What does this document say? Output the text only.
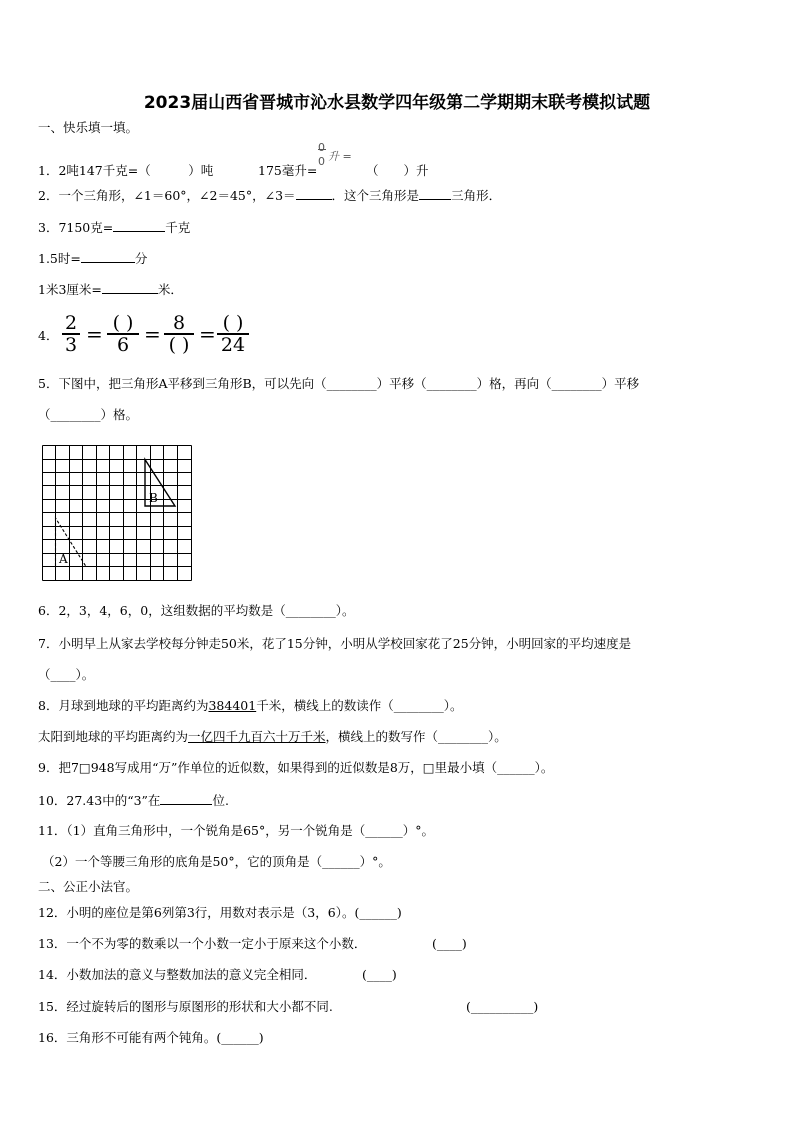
2023届山西省晋城市沁水县数学四年级第二学期期末联考模拟试题
一、快乐填一填。
1．2吨147千克=（　　　）吨	175毫升=
0
0 升 =
（　　）升
2．一个三角形，∠1＝60°，∠2＝45°，∠3＝	．这个三角形是	三角形．
3．7150克=	千克
1.5时=	分
1米3厘米=	米．
4． $\frac{2}{3}$ = ( )
6 = 8
( ) = ( )
24
5．下图中，把三角形A平移到三角形B，可以先向（________）平移（________）格，再向（________）平移
（________）格。
A
B
6．2，3，4，6，0，这组数据的平均数是（________）。
7．小明早上从家去学校每分钟走50米，花了15分钟，小明从学校回家花了25分钟，小明回家的平均速度是
（____）。
8．月球到地球的平均距离约为384401千米，横线上的数读作（________）。
太阳到地球的平均距离约为一亿四千九百六十万千米，横线上的数写作（________）。
9．把7□948写成用“万”作单位的近似数，如果得到的近似数是8万，□里最小填（______）。
10．27.43中的“3”在	位.
11．（1）直角三角形中，一个锐角是65°，另一个锐角是（______）°。
（2）一个等腰三角形的底角是50°，它的顶角是（______）°。
二、公正小法官。
12．小明的座位是第6列第3行，用数对表示是（3，6）。(______)
13．一个不为零的数乘以一个小数一定小于原来这个小数．	(____)
14．小数加法的意义与整数加法的意义完全相同．	(____)
15．经过旋转后的图形与原图形的形状和大小都不同.	(__________)
16．三角形不可能有两个钝角。(______)
